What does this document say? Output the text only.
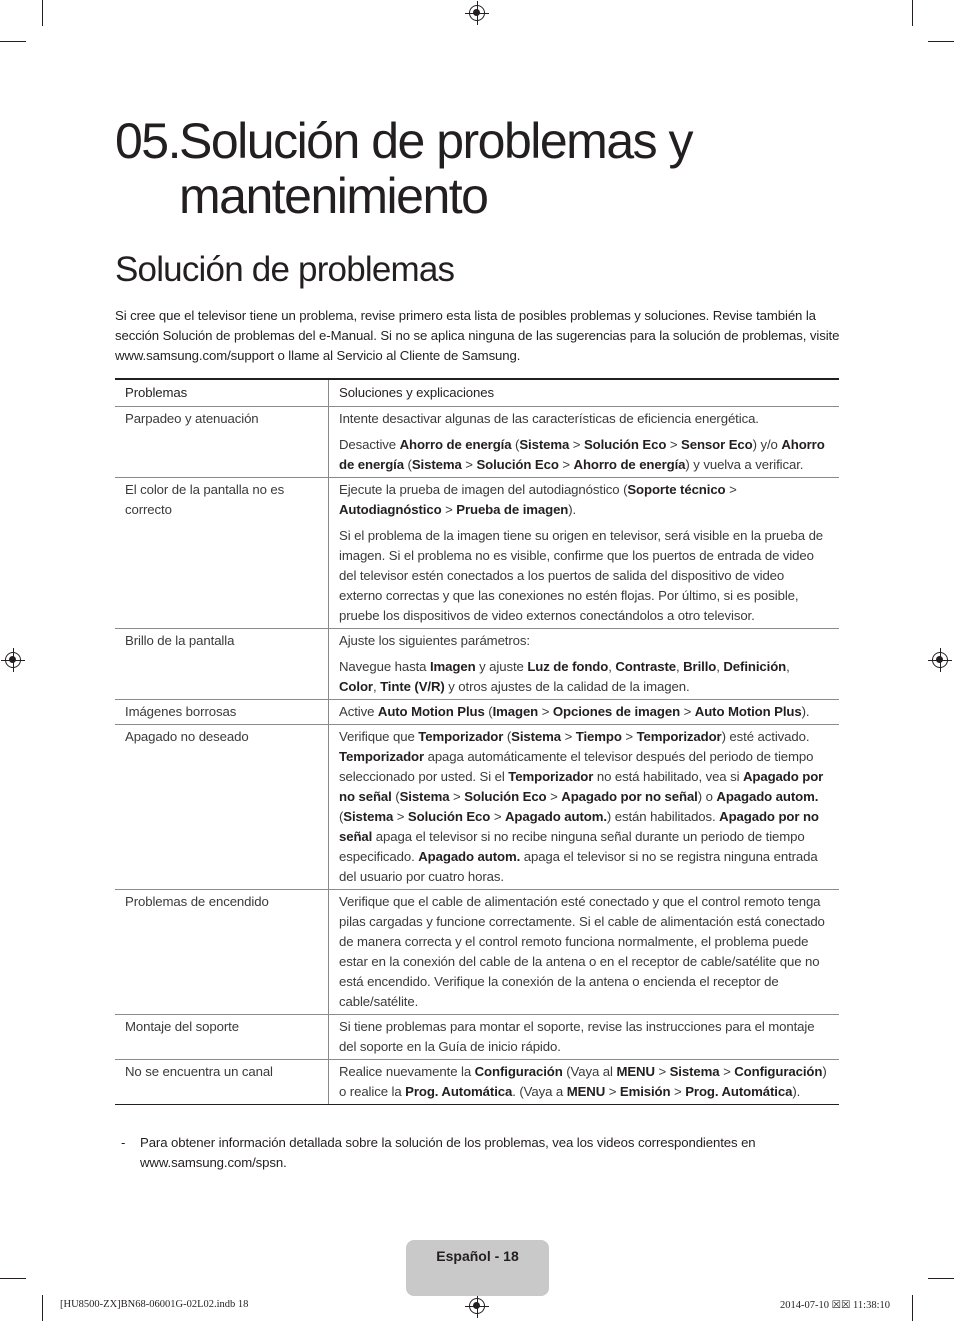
05.Solución de problemas y
mantenimiento
Solución de problemas

Si cree que el televisor tiene un problema, revise primero esta lista de posibles problemas y soluciones. Revise también la sección Solución de problemas del e-Manual. Si no se aplica ninguna de las sugerencias para la solución de problemas, visite www.samsung.com/support o llame al Servicio al Cliente de Samsung.

Problemas	Soluciones y explicaciones
Parpadeo y atenuación	Intente desactivar algunas de las características de eficiencia energética.

Desactive Ahorro de energía (Sistema > Solución Eco > Sensor Eco) y/o Ahorro de energía (Sistema > Solución Eco > Ahorro de energía) y vuelva a verificar.

El color de la pantalla no es correcto	Ejecute la prueba de imagen del autodiagnóstico (Soporte técnico > Autodiagnóstico > Prueba de imagen).

Si el problema de la imagen tiene su origen en televisor, será visible en la prueba de imagen. Si el problema no es visible, confirme que los puertos de entrada de video del televisor estén conectados a los puertos de salida del dispositivo de video externo correctas y que las conexiones no estén flojas. Por último, si es posible, pruebe los dispositivos de video externos conectándolos a otro televisor.

Brillo de la pantalla	Ajuste los siguientes parámetros:

Navegue hasta Imagen y ajuste Luz de fondo, Contraste, Brillo, Definición, Color, Tinte (V/R) y otros ajustes de la calidad de la imagen.

Imágenes borrosas	Active Auto Motion Plus (Imagen > Opciones de imagen > Auto Motion Plus).

Apagado no deseado	Verifique que Temporizador (Sistema > Tiempo > Temporizador) esté activado. Temporizador apaga automáticamente el televisor después del periodo de tiempo seleccionado por usted. Si el Temporizador no está habilitado, vea si Apagado por no señal (Sistema > Solución Eco > Apagado por no señal) o Apagado autom. (Sistema > Solución Eco > Apagado autom.) están habilitados. Apagado por no señal apaga el televisor si no recibe ninguna señal durante un periodo de tiempo especificado. Apagado autom. apaga el televisor si no se registra ninguna entrada del usuario por cuatro horas.

Problemas de encendido	Verifique que el cable de alimentación esté conectado y que el control remoto tenga pilas cargadas y funcione correctamente. Si el cable de alimentación está conectado de manera correcta y el control remoto funciona normalmente, el problema puede estar en la conexión del cable de la antena o en el receptor de cable/satélite que no está encendido. Verifique la conexión de la antena o encienda el receptor de cable/satélite.

Montaje del soporte	Si tiene problemas para montar el soporte, revise las instrucciones para el montaje del soporte en la Guía de inicio rápido.

No se encuentra un canal	Realice nuevamente la Configuración (Vaya al MENU > Sistema > Configuración) o realice la Prog. Automática. (Vaya a MENU > Emisión > Prog. Automática).

-	Para obtener información detallada sobre la solución de los problemas, vea los videos correspondientes en www.samsung.com/spsn.
Español - 18
[HU8500-ZX]BN68-06001G-02L02.indb 18	2014-07-10 ☒☒ 11:38:10
